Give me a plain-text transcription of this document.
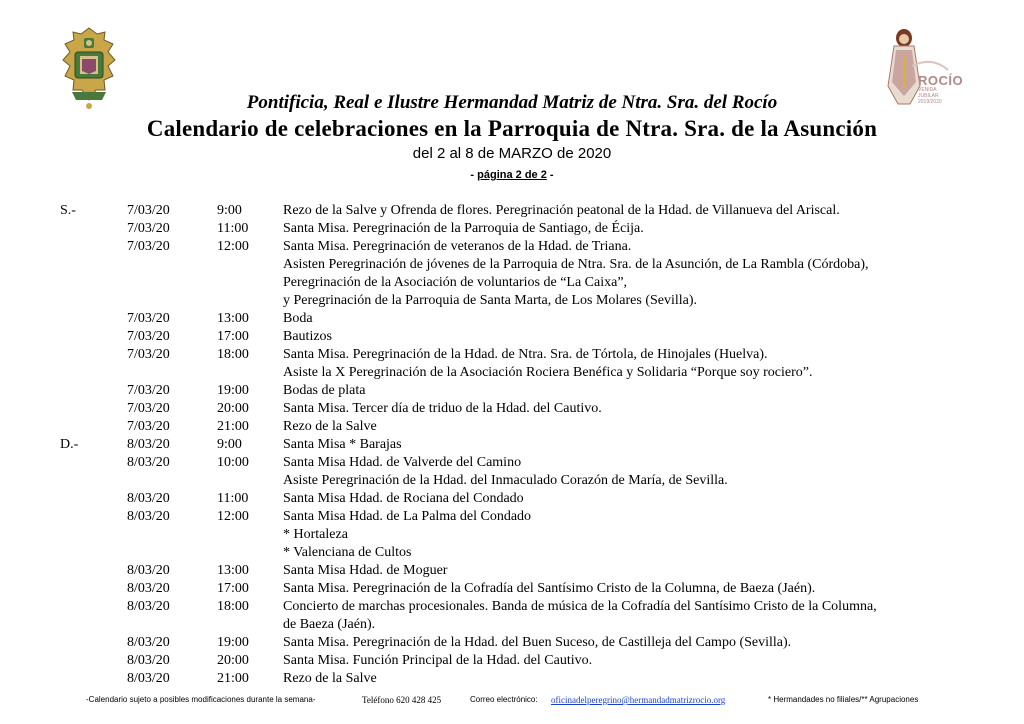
ROCÍO
VENIDA JUBILAR 2019/2020
Pontificia, Real e Ilustre Hermandad Matriz de Ntra. Sra. del Rocío
Calendario de celebraciones en la Parroquia de Ntra. Sra. de la Asunción
del 2 al 8 de MARZO de 2020
- página 2 de 2 -
S.-	7/03/20	9:00	Rezo de la Salve y Ofrenda de flores. Peregrinación peatonal de la Hdad. de Villanueva del Ariscal.
7/03/20	11:00 Santa Misa. Peregrinación de la Parroquia de Santiago, de Écija.
7/03/20	12:00 Santa Misa. Peregrinación de veteranos de la Hdad. de Triana.
Asisten Peregrinación de jóvenes de la Parroquia de Ntra. Sra. de la Asunción, de La Rambla (Córdoba),
Peregrinación de la Asociación de voluntarios de “La Caixa”,
y Peregrinación de la Parroquia de Santa Marta, de Los Molares (Sevilla).
7/03/20	13:00 Boda
7/03/20	17:00 Bautizos
7/03/20	18:00 Santa Misa. Peregrinación de la Hdad. de Ntra. Sra. de Tórtola, de Hinojales (Huelva).
Asiste la X Peregrinación de la Asociación Rociera Benéfica y Solidaria “Porque soy rociero”.
7/03/20	19:00 Bodas de plata
7/03/20	20:00 Santa Misa. Tercer día de triduo de la Hdad. del Cautivo.
7/03/20	21:00 Rezo de la Salve
D.-	8/03/20	9:00	Santa Misa * Barajas
8/03/20	10:00 Santa Misa Hdad. de Valverde del Camino
Asiste Peregrinación de la Hdad. del Inmaculado Corazón de María, de Sevilla.
8/03/20	11:00 Santa Misa Hdad. de Rociana del Condado
8/03/20	12:00 Santa Misa Hdad. de La Palma del Condado
* Hortaleza
* Valenciana de Cultos
8/03/20	13:00 Santa Misa Hdad. de Moguer
8/03/20	17:00 Santa Misa. Peregrinación de la Cofradía del Santísimo Cristo de la Columna, de Baeza (Jaén).
8/03/20	18:00 Concierto de marchas procesionales. Banda de música de la Cofradía del Santísimo Cristo de la Columna,
de Baeza (Jaén).
8/03/20	19:00 Santa Misa. Peregrinación de la Hdad. del Buen Suceso, de Castilleja del Campo (Sevilla).
8/03/20	20:00 Santa Misa. Función Principal de la Hdad. del Cautivo.
8/03/20	21:00 Rezo de la Salve
-Calendario sujeto a posibles modificaciones durante la semana-	Teléfono 620 428 425	Correo electrónico: oficinadelperegrino@hermandadmatrizrocio.org	* Hermandades no filiales/** Agrupaciones
